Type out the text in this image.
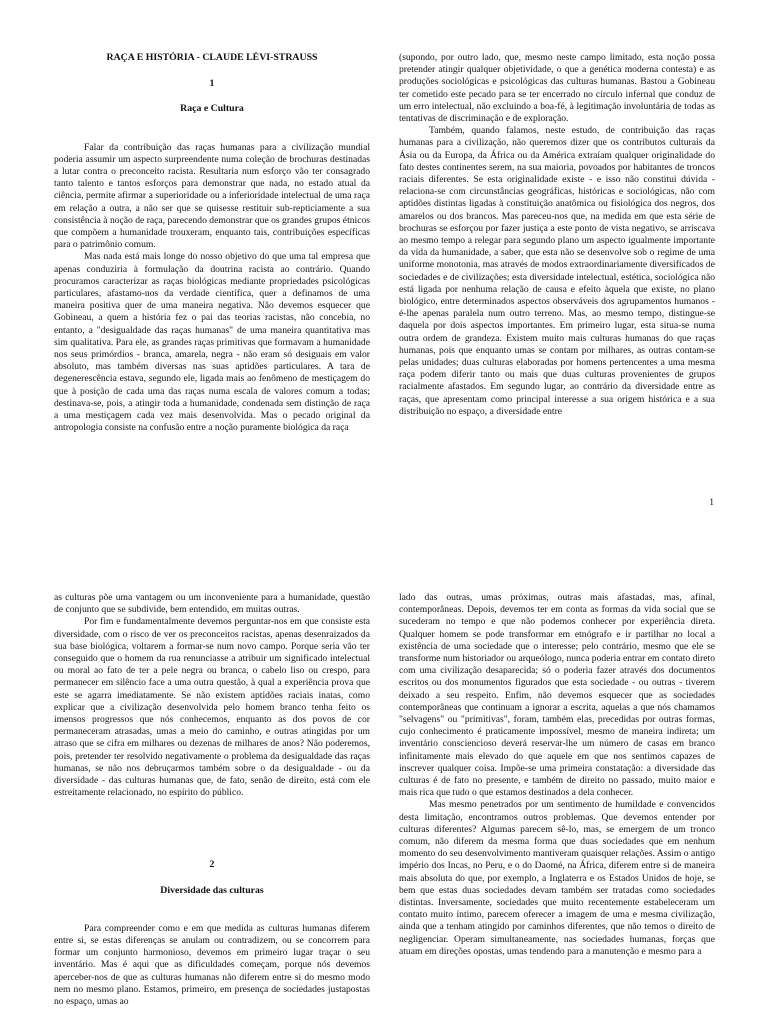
RAÇA E HISTÓRIA - CLAUDE LÉVI-STRAUSS
1
Raça e Cultura

Falar da contribuição das raças humanas para a civilização mundial poderia assumir um aspecto surpreendente numa coleção de brochuras destinadas a lutar contra o preconceito racista. Resultaria num esforço vão ter consagrado tanto talento e tantos esforços para demonstrar que nada, no estado atual da ciência, permite afirmar a superioridade ou a inferioridade intelectual de uma raça em relação a outra, a não ser que se quisesse restituir sub-repticiamente a sua consistência à noção de raça, parecendo demonstrar que os grandes grupos étnicos que compõem a humanidade trouxeram, enquanto tais, contribuições específicas para o patrimônio comum.

Mas nada está mais longe do nosso objetivo do que uma tal empresa que apenas conduziria à formulação da doutrina racista ao contrário. Quando procuramos caracterizar as raças biológicas mediante propriedades psicológicas particulares, afastamo-nos da verdade científica, quer a definamos de uma maneira positiva quer de uma maneira negativa. Não devemos esquecer que Gobineau, a quem a história fez o pai das teorias racistas, não concebia, no entanto, a "desigualdade das raças humanas" de uma maneira quantitativa mas sim qualitativa. Para ele, as grandes raças primitivas que formavam a humanidade nos seus primórdios - branca, amarela, negra - não eram só desiguais em valor absoluto, mas também diversas nas suas aptidões particulares. A tara de degenerescência estava, segundo ele, ligada mais ao fenômeno de mestiçagem do que à posição de cada uma das raças numa escala de valores comum a todas; destinava-se, pois, a atingir toda a humanidade, condenada sem distinção de raça a uma mestiçagem cada vez mais desenvolvida. Mas o pecado original da antropologia consiste na confusão entre a noção puramente biológica da raça

(supondo, por outro lado, que, mesmo neste campo limitado, esta noção possa pretender atingir qualquer objetividade, o que a genética moderna contesta) e as produções sociológicas e psicológicas das culturas humanas. Bastou a Gobineau ter cometido este pecado para se ter encerrado no círculo infernal que conduz de um erro intelectual, não excluindo a boa-fé, à legitimação involuntária de todas as tentativas de discriminação e de exploração.

Também, quando falamos, neste estudo, de contribuição das raças humanas para a civilização, não queremos dizer que os contributos culturais da Ásia ou da Europa, da África ou da América extraíam qualquer originalidade do fato destes continentes serem, na sua maioria, povoados por habitantes de troncos raciais diferentes. Se esta originalidade existe - e isso não constitui dúvida - relaciona-se com circunstâncias geográficas, históricas e sociológicas, não com aptidões distintas ligadas à constituição anatômica ou fisiológica dos negros, dos amarelos ou dos brancos. Mas pareceu-nos que, na medida em que esta série de brochuras se esforçou por fazer justiça a este ponto de vista negativo, se arriscava ao mesmo tempo a relegar para segundo plano um aspecto igualmente importante da vida da humanidade, a saber, que esta não se desenvolve sob o regime de uma uniforme monotonia, mas através de modos extraordinariamente diversificados de sociedades e de civilizações; esta diversidade intelectual, estética, sociológica não está ligada por nenhuma relação de causa e efeito àquela que existe, no plano biológico, entre determinados aspectos observáveis dos agrupamentos humanos - é-lhe apenas paralela num outro terreno. Mas, ao mesmo tempo, distingue-se daquela por dois aspectos importantes. Em primeiro lugar, esta situa-se numa outra ordem de grandeza. Existem muito mais culturas humanas do que raças humanas, pois que enquanto umas se contam por milhares, as outras contam-se pelas unidades; duas culturas elaboradas por homens pertencentes a uma mesma raça podem diferir tanto ou mais que duas culturas provenientes de grupos racialmente afastados. Em segundo lugar, ao contrário da diversidade entre as raças, que apresentam como principal interesse a sua origem histórica e a sua distribuição no espaço, a diversidade entre

1

as culturas põe uma vantagem ou um inconveniente para a humanidade, questão de conjunto que se subdivide, bem entendido, em muitas outras.

Por fim e fundamentalmente devemos perguntar-nos em que consiste esta diversidade, com o risco de ver os preconceitos racistas, apenas desenraizados da sua base biológica, voltarem a formar-se num novo campo. Porque seria vão ter conseguido que o homem da rua renunciasse a atribuir um significado intelectual ou moral ao fato de ter a pele negra ou branca, o cabelo liso ou crespo, para permanecer em silêncio face a uma outra questão, à qual a experiência prova que este se agarra imediatamente. Se não existem aptidões raciais inatas, como explicar que a civilização desenvolvida pelo homem branco tenha feito os imensos progressos que nós conhecemos, enquanto as dos povos de cor permaneceram atrasadas, umas a meio do caminho, e outras atingidas por um atraso que se cifra em milhares ou dezenas de milhares de anos? Não poderemos, pois, pretender ter resolvido negativamente o problema da desigualdade das raças humanas, se não nos debruçarmos também sobre o da desigualdade - ou da diversidade - das culturas humanas que, de fato, senão de direito, está com ele estreitamente relacionado, no espírito do público.

2
Diversidade das culturas

Para compreender como e em que medida as culturas humanas diferem entre si, se estas diferenças se anulam ou contradizem, ou se concorrem para formar um conjunto harmonioso, devemos em primeiro lugar traçar o seu inventário. Mas é aqui que as dificuldades começam, porque nós devemos aperceber-nos de que as culturas humanas não diferem entre si do mesmo modo nem no mesmo plano. Estamos, primeiro, em presença de sociedades justapostas no espaço, umas ao

lado das outras, umas próximas, outras mais afastadas, mas, afinal, contemporâneas. Depois, devemos ter em conta as formas da vida social que se sucederam no tempo e que não podemos conhecer por experiência direta. Qualquer homem se pode transformar em etnógrafo e ir partilhar no local a existência de uma sociedade que o interesse; pelo contrário, mesmo que ele se transforme num historiador ou arqueólogo, nunca poderia entrar em contato direto com uma civilização desaparecida; só o poderia fazer através dos documentos escritos ou dos monumentos figurados que esta sociedade - ou outras - tiverem deixado a seu respeito. Enfim, não devemos esquecer que as sociedades contemporâneas que continuam a ignorar a escrita, aquelas a que nós chamamos "selvagens" ou "primitivas", foram, também elas, precedidas por outras formas, cujo conhecimento é praticamente impossível, mesmo de maneira indireta; um inventário consciencioso deverá reservar-lhe um número de casas em branco infinitamente mais elevado do que aquele em que nos sentimos capazes de inscrever qualquer coisa. Impõe-se uma primeira constatação: a diversidade das culturas é de fato no presente, e também de direito no passado, muito maior e mais rica que tudo o que estamos destinados a dela conhecer.

Mas mesmo penetrados por um sentimento de humildade e convencidos desta limitação, encontramos outros problemas. Que devemos entender por culturas diferentes? Algumas parecem sê-lo, mas, se emergem de um tronco comum, não diferem da mesma forma que duas sociedades que em nenhum momento do seu desenvolvimento mantiveram quaisquer relações. Assim o antigo império dos Incas, no Peru, e o do Daomé, na África, diferem entre si de maneira mais absoluta do que, por exemplo, a Inglaterra e os Estados Unidos de hoje, se bem que estas duas sociedades devam também ser tratadas como sociedades distintas. Inversamente, sociedades que muito recentemente estabeleceram um contato muito íntimo, parecem oferecer a imagem de uma e mesma civilização, ainda que a tenham atingido por caminhos diferentes, que não temos o direito de negligenciar. Operam simultaneamente, nas sociedades humanas, forças que atuam em direções opostas, umas tendendo para a manutenção e mesmo para a
